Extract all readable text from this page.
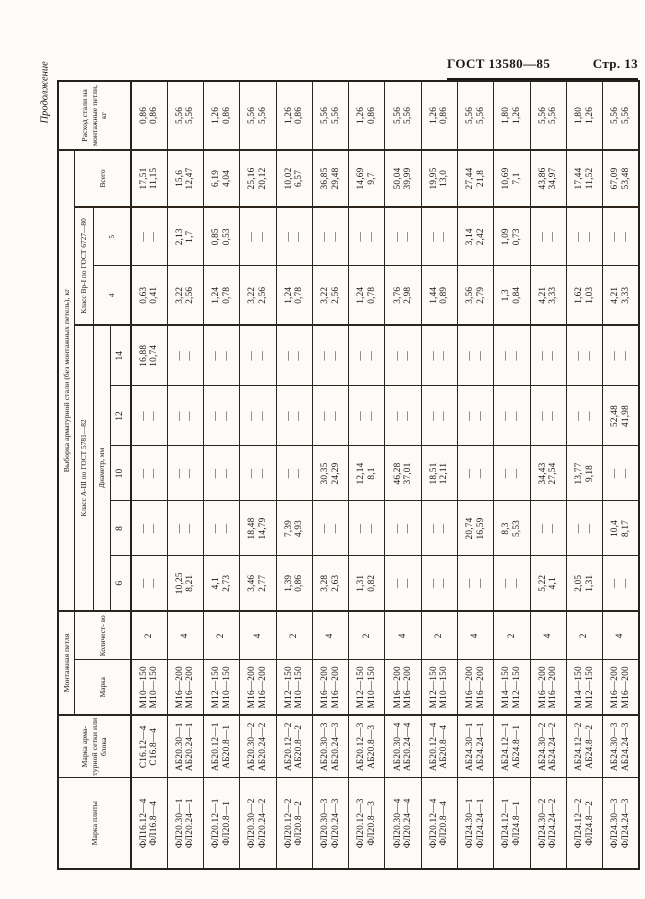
ГОСТ 13580—85	Стр. 13
Продолжение
Марка плиты	Марка арма- турной сетки или блока	Монтажная петля		Выборка арматурной стали (без монтажных петель), кг								Расход стали на монтажные петли, кг
		Марка	Количест- во	Класс А-III по ГОСТ 5781—82					Класс Вр-I по ГОСТ 6727—80		Всего	
				Диаметр, мм					4	5		
				6	8	10	12	14				

ФЛ16.12—4 ФЛ16.8—4	С16.12—4 С16.8—4	М10—150 М10—150	2	— —	— —	— —	— —	16,88 10,74	0,63 0,41	— —	17,51 11,15	0,86 0,86

ФЛ20.30—1 ФЛ20.24—1	АБ20.30—1 АБ20.24—1	М16—200 М16—200	4	10,25 8,21	— —	— —	— —	— —	3,22 2,56	2,13 1,7	15,6 12,47	5,56 5,56

ФЛ20.12—1 ФЛ20.8—1	АБ20.12—1 АБ20.8—1	М12—150 М10—150	2	4,1 2,73	— —	— —	— —	— —	1,24 0,78	0,85 0,53	6,19 4,04	1,26 0,86

ФЛ20.30—2 ФЛ20.24—2	АБ20.30—2 АБ20.24—2	М16—200 М16—200	4	3,46 2,77	18,48 14,79	— —	— —	— —	3,22 2,56	— —	25,16 20,12	5,56 5,56

ФЛ20.12—2 ФЛ20.8—2	АБ20.12—2 АБ20.8—2	М12—150 М10—150	2	1,39 0,86	7,39 4,93	— —	— —	— —	1,24 0,78	— —	10,02 6,57	1,26 0,86

ФЛ20.30—3 ФЛ20.24—3	АБ20.30—3 АБ20.24—3	М16—200 М16—200	4	3,28 2,63	— —	30,35 24,29	— —	— —	3,22 2,56	— —	36,85 29,48	5,56 5,56

ФЛ20.12—3 ФЛ20.8—3	АБ20.12—3 АБ20.8—3	М12—150 М10—150	2	1,31 0,82	— —	12,14 8,1	— —	— —	1,24 0,78	— —	14,69 9,7	1,26 0,86

ФЛ20.30—4 ФЛ20.24—4	АБ20.30—4 АБ20.24—4	М16—200 М16—200	4	— —	— —	46,28 37,01	— —	— —	3,76 2,98	— —	50,04 39,99	5,56 5,56

ФЛ20.12—4 ФЛ20.8—4	АБ20.12—4 АБ20.8—4	М12—150 М10—150	2	— —	— —	18,51 12,11	— —	— —	1,44 0,89	— —	19,95 13,0	1,26 0,86

ФЛ24.30—1 ФЛ24.24—1	АБ24.30—1 АБ24.24—1	М16—200 М16—200	4	— —	20,74 16,59	— —	— —	— —	3,56 2,79	3,14 2,42	27,44 21,8	5,56 5,56

ФЛ24.12—1 ФЛ24.8—1	АБ24.12—1 АБ24.8—1	М14—150 М12—150	2	— —	8,3 5,53	— —	— —	— —	1,3 0,84	1,09 0,73	10,69 7,1	1,80 1,26

ФЛ24.30—2 ФЛ24.24—2	АБ24.30—2 АБ24.24—2	М16—200 М16—200	4	5,22 4,1	— —	34,43 27,54	— —	— —	4,21 3,33	— —	43,86 34,97	5,56 5,56

ФЛ24.12—2 ФЛ24.8—2	АБ24.12—2 АБ24.8—2	М14—150 М12—150	2	2,05 1,31	— —	13,77 9,18	— —	— —	1,62 1,03	— —	17,44 11,52	1,80 1,26

ФЛ24.30—3 ФЛ24.24—3	АБ24.30—3 АБ24.24—3	М16—200 М16—200	4	— —	10,4 8,17	— —	52,48 41,98	— —	4,21 3,33	— —	67,09 53,48	5,56 5,56
